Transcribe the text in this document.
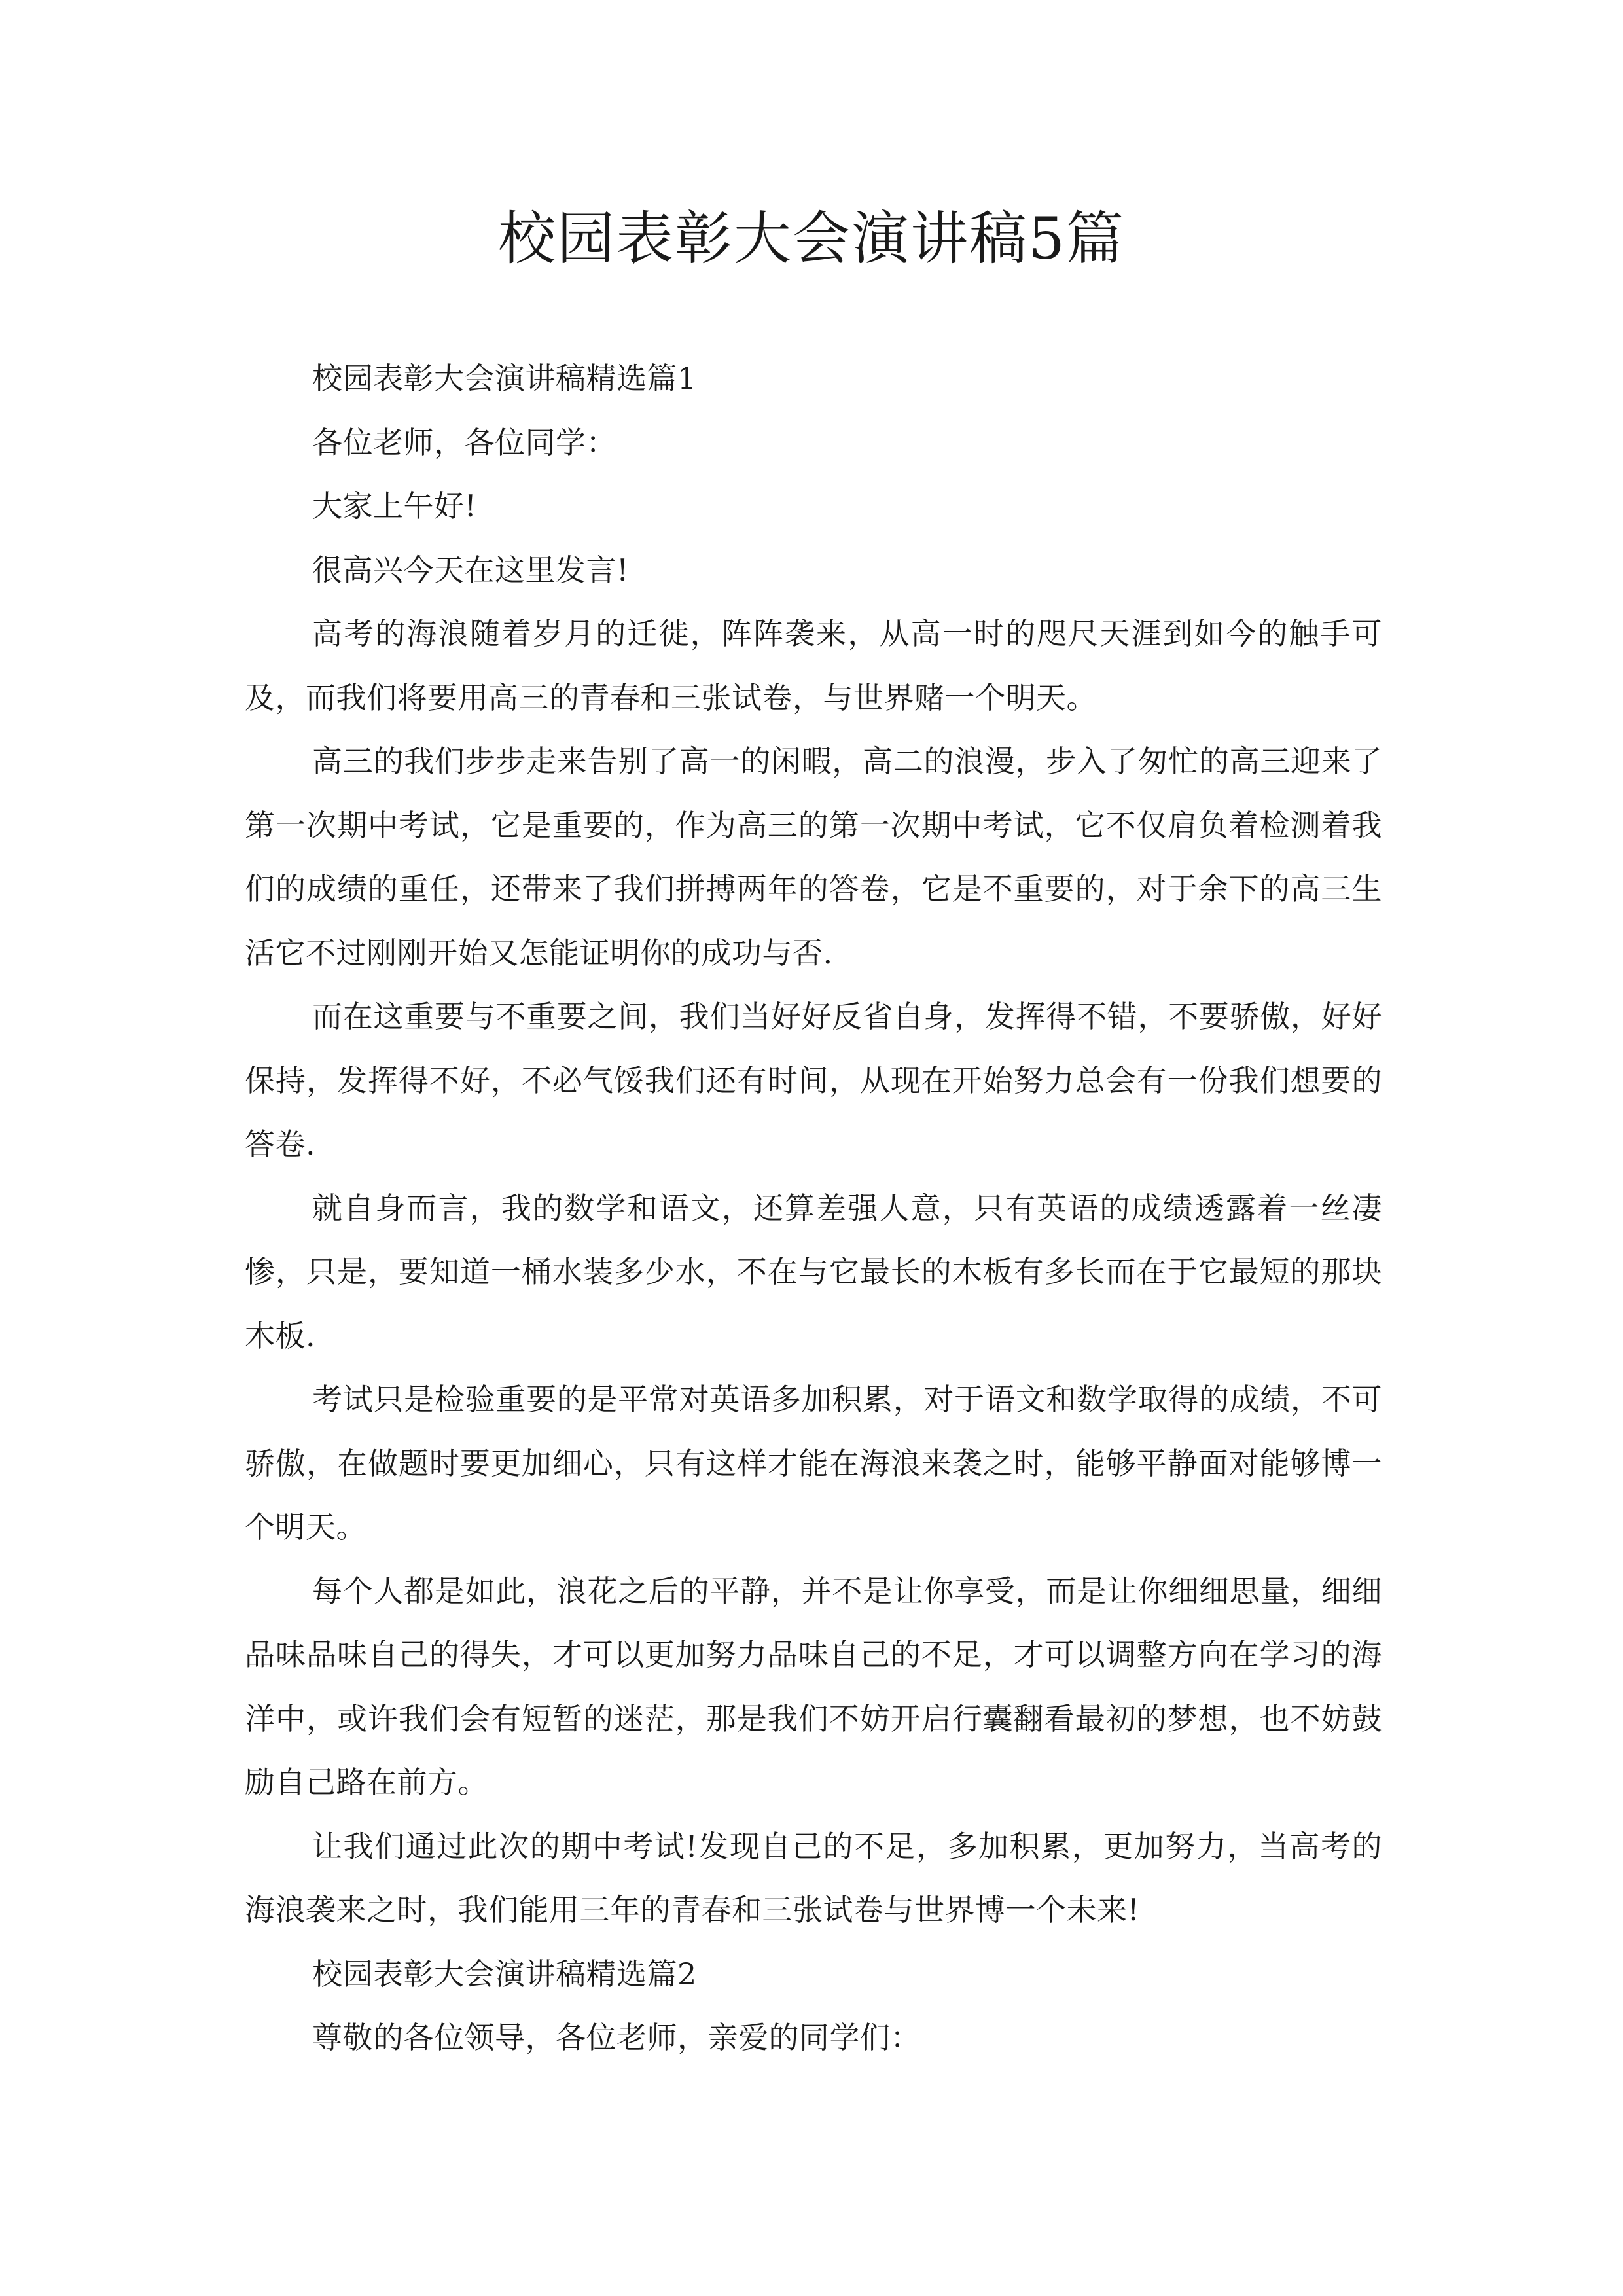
校园表彰大会演讲稿5篇

校园表彰大会演讲稿精选篇1

各位老师，各位同学：

大家上午好!

很高兴今天在这里发言!

高考的海浪随着岁月的迁徙，阵阵袭来，从高一时的咫尺天涯到如今的触手可及，而我们将要用高三的青春和三张试卷，与世界赌一个明天。

高三的我们步步走来告别了高一的闲暇，高二的浪漫，步入了匆忙的高三迎来了第一次期中考试，它是重要的，作为高三的第一次期中考试，它不仅肩负着检测着我们的成绩的重任，还带来了我们拼搏两年的答卷，它是不重要的，对于余下的高三生活它不过刚刚开始又怎能证明你的成功与否.

而在这重要与不重要之间，我们当好好反省自身，发挥得不错，不要骄傲，好好保持，发挥得不好，不必气馁我们还有时间，从现在开始努力总会有一份我们想要的答卷.

就自身而言，我的数学和语文，还算差强人意，只有英语的成绩透露着一丝凄惨，只是，要知道一桶水装多少水，不在与它最长的木板有多长而在于它最短的那块木板.

考试只是检验重要的是平常对英语多加积累，对于语文和数学取得的成绩，不可骄傲，在做题时要更加细心，只有这样才能在海浪来袭之时，能够平静面对能够博一个明天。

每个人都是如此，浪花之后的平静，并不是让你享受，而是让你细细思量，细细品味品味自己的得失，才可以更加努力品味自己的不足，才可以调整方向在学习的海洋中，或许我们会有短暂的迷茫，那是我们不妨开启行囊翻看最初的梦想，也不妨鼓励自己路在前方。

让我们通过此次的期中考试!发现自己的不足，多加积累，更加努力，当高考的海浪袭来之时，我们能用三年的青春和三张试卷与世界博一个未来!

校园表彰大会演讲稿精选篇2

尊敬的各位领导，各位老师，亲爱的同学们：
